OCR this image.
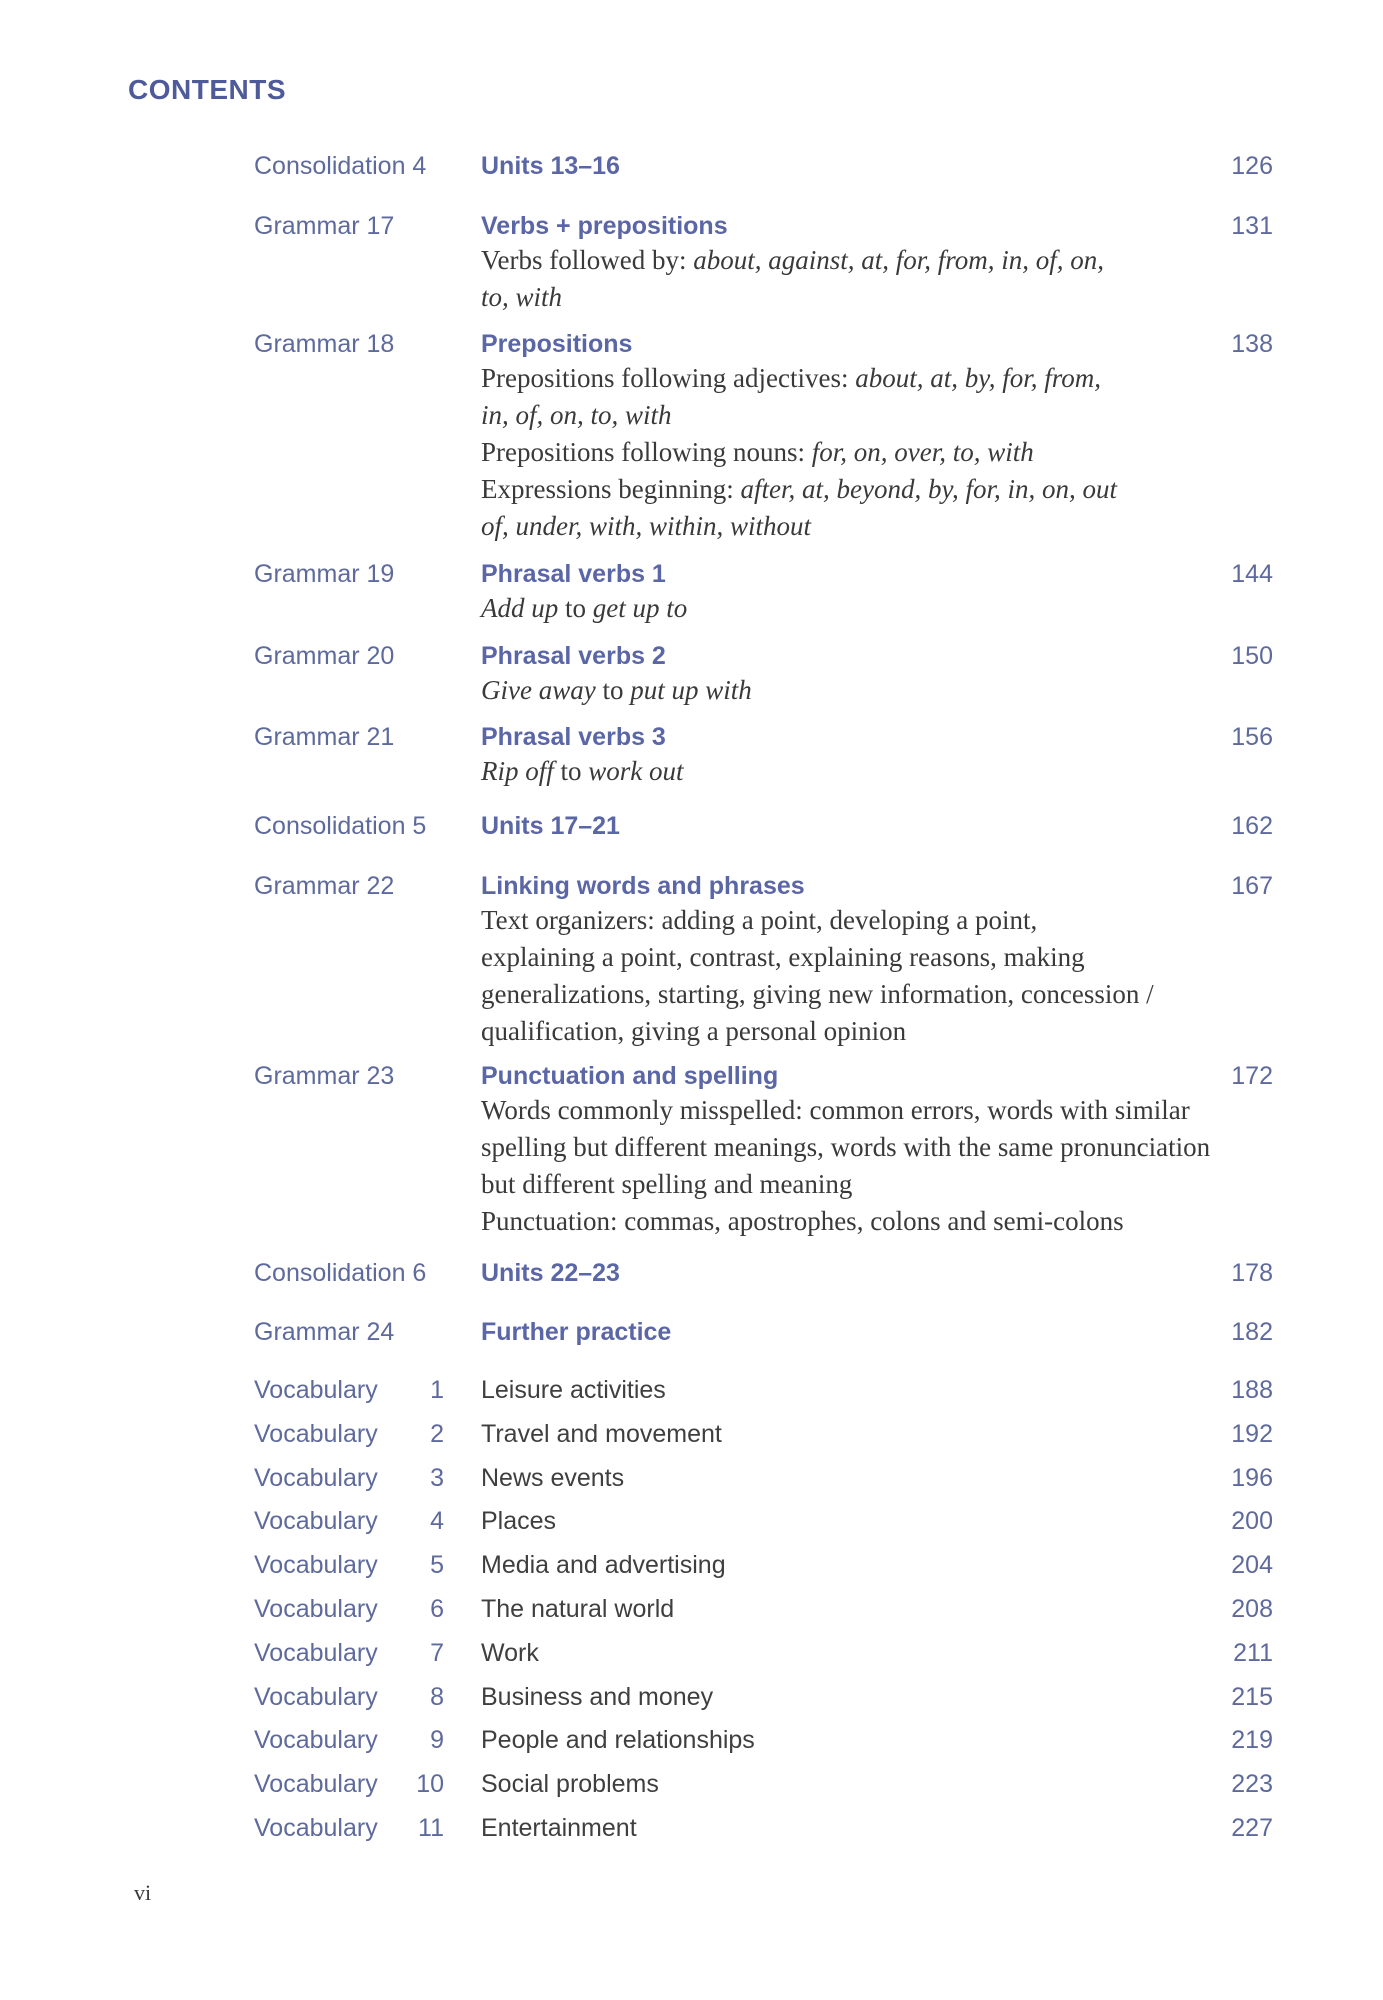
CONTENTS
Consolidation 4 Units 13–16	126
Grammar 17	Verbs + prepositions	131
Verbs followed by: about, against, at, for, from, in, of, on,
to, with
Grammar 18	Prepositions	138
Prepositions following adjectives: about, at, by, for, from,
in, of, on, to, with
Prepositions following nouns: for, on, over, to, with
Expressions beginning: after, at, beyond, by, for, in, on, out
of, under, with, within, without
Grammar 19	Phrasal verbs 1	144
Add up to get up to
Grammar 20	Phrasal verbs 2	150
Give away to put up with
Grammar 21	Phrasal verbs 3	156
Rip off to work out
Consolidation 5 Units 17–21	162
Grammar 22	Linking words and phrases	167
Text organizers: adding a point, developing a point,
explaining a point, contrast, explaining reasons, making
generalizations, starting, giving new information, concession /
qualification, giving a personal opinion
Grammar 23	Punctuation and spelling	172
Words commonly misspelled: common errors, words with similar
spelling but different meanings, words with the same pronunciation
but different spelling and meaning
Punctuation: commas, apostrophes, colons and semi-colons
Consolidation 6 Units 22–23	178
Grammar 24	Further practice	182
Vocabulary	1 Leisure activities	188
Vocabulary	2 Travel and movement	192
Vocabulary	3 News events	196
Vocabulary	4 Places	200
Vocabulary	5 Media and advertising	204
Vocabulary	6 The natural world	208
Vocabulary	7 Work	211
Vocabulary	8 Business and money	215
Vocabulary	9 People and relationships	219
Vocabulary	10 Social problems	223
Vocabulary	11 Entertainment	227
vi
